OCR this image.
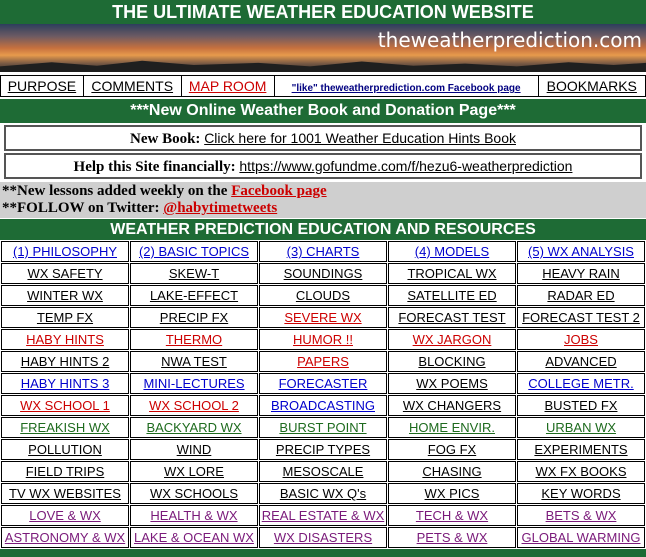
THE ULTIMATE WEATHER EDUCATION WEBSITE
theweatherprediction.com
PURPOSE	COMMENTS	MAP ROOM	"like" theweatherprediction.com Facebook page	BOOKMARKS
***New Online Weather Book and Donation Page***
New Book: Click here for 1001 Weather Education Hints Book
Help this Site financially: https://www.gofundme.com/f/hezu6-weatherprediction
**New lessons added weekly on the Facebook page
**FOLLOW on Twitter: @habytimetweets
WEATHER PREDICTION EDUCATION AND RESOURCES
(1) PHILOSOPHY	(2) BASIC TOPICS	(3) CHARTS	(4) MODELS	(5) WX ANALYSIS
WX SAFETY	SKEW-T	SOUNDINGS	TROPICAL WX	HEAVY RAIN
WINTER WX	LAKE-EFFECT	CLOUDS	SATELLITE ED	RADAR ED
TEMP FX	PRECIP FX	SEVERE WX	FORECAST TEST	FORECAST TEST 2
HABY HINTS	THERMO	HUMOR !!	WX JARGON	JOBS
HABY HINTS 2	NWA TEST	PAPERS	BLOCKING	ADVANCED
HABY HINTS 3	MINI-LECTURES	FORECASTER	WX POEMS	COLLEGE METR.
WX SCHOOL 1	WX SCHOOL 2	BROADCASTING	WX CHANGERS	BUSTED FX
FREAKISH WX	BACKYARD WX	BURST POINT	HOME ENVIR.	URBAN WX
POLLUTION	WIND	PRECIP TYPES	FOG FX	EXPERIMENTS
FIELD TRIPS	WX LORE	MESOSCALE	CHASING	WX FX BOOKS
TV WX WEBSITES	WX SCHOOLS	BASIC WX Q's	WX PICS	KEY WORDS
LOVE & WX	HEALTH & WX	REAL ESTATE & WX	TECH & WX	BETS & WX
ASTRONOMY & WX	LAKE & OCEAN WX	WX DISASTERS	PETS & WX	GLOBAL WARMING
